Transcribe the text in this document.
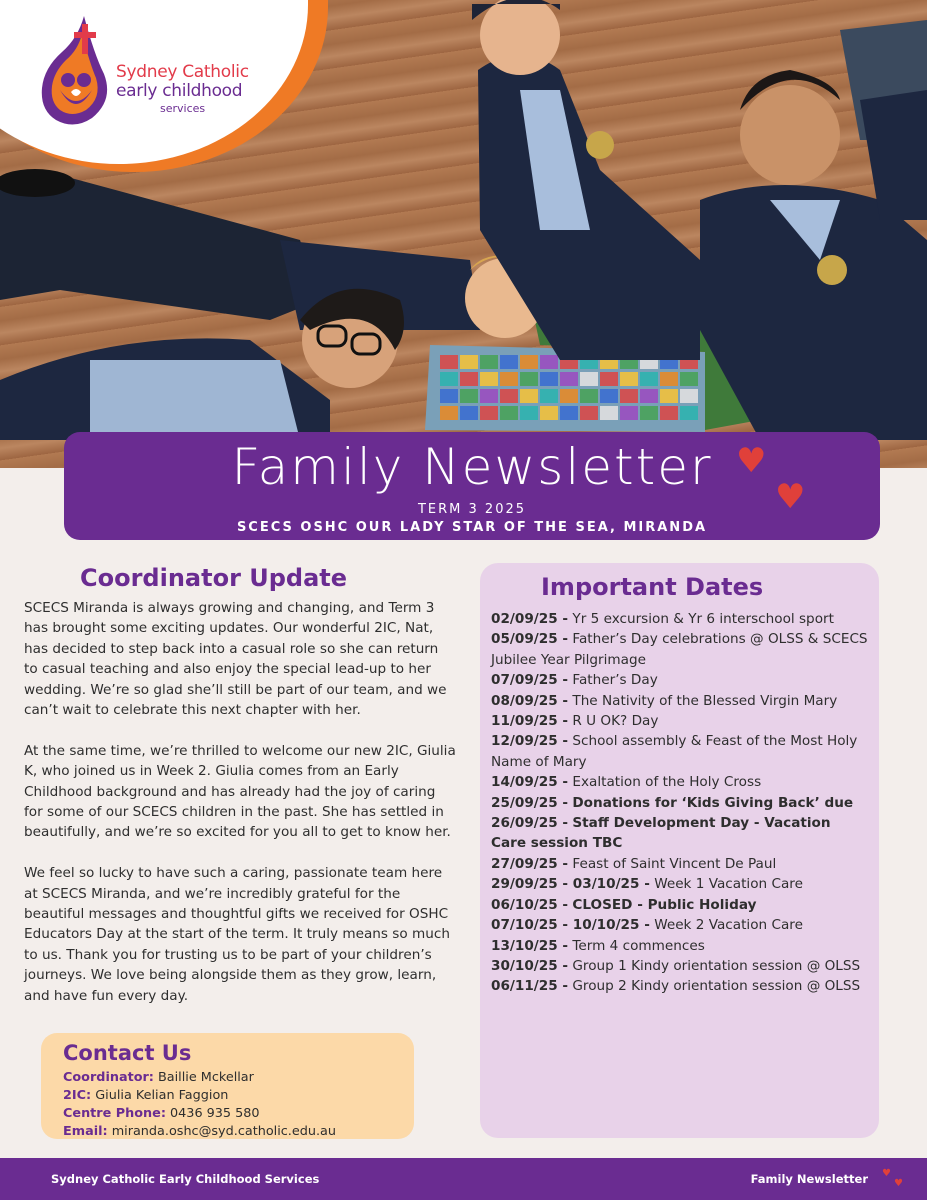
Sydney Catholic
early childhood
services
Family Newsletter
TERM 3 2025
SCECS OSHC OUR LADY STAR OF THE SEA, MIRANDA
♥
♥
Coordinator Update

SCECS Miranda is always growing and changing, and Term 3 has brought some exciting updates. Our wonderful 2IC, Nat, has decided to step back into a casual role so she can return to casual teaching and also enjoy the special lead-up to her wedding. We’re so glad she’ll still be part of our team, and we can’t wait to celebrate this next chapter with her.

At the same time, we’re thrilled to welcome our new 2IC, Giulia K, who joined us in Week 2. Giulia comes from an Early Childhood background and has already had the joy of caring for some of our SCECS children in the past. She has settled in beautifully, and we’re so excited for you all to get to know her.

We feel so lucky to have such a caring, passionate team here at SCECS Miranda, and we’re incredibly grateful for the beautiful messages and thoughtful gifts we received for OSHC Educators Day at the start of the term. It truly means so much to us. Thank you for trusting us to be part of your children’s journeys. We love being alongside them as they grow, learn, and have fun every day.

Contact Us
Coordinator: Baillie Mckellar
2IC: Giulia Kelian Faggion
Centre Phone: 0436 935 580
Email: miranda.oshc@syd.catholic.edu.au
Important Dates
02/09/25 - Yr 5 excursion & Yr 6 interschool sport
05/09/25 - Father’s Day celebrations @ OLSS & SCECS Jubilee Year Pilgrimage
07/09/25 - Father’s Day
08/09/25 - The Nativity of the Blessed Virgin Mary
11/09/25 - R U OK? Day
12/09/25 - School assembly & Feast of the Most Holy Name of Mary
14/09/25 - Exaltation of the Holy Cross
25/09/25 - Donations for ‘Kids Giving Back’ due
26/09/25 - Staff Development Day - Vacation Care session TBC
27/09/25 - Feast of Saint Vincent De Paul
29/09/25 - 03/10/25 - Week 1 Vacation Care
06/10/25 - CLOSED - Public Holiday
07/10/25 - 10/10/25 - Week 2 Vacation Care
13/10/25 - Term 4 commences
30/10/25 - Group 1 Kindy orientation session @ OLSS
06/11/25 - Group 2 Kindy orientation session @ OLSS
Sydney Catholic Early Childhood Services	Family Newsletter ♥
♥
